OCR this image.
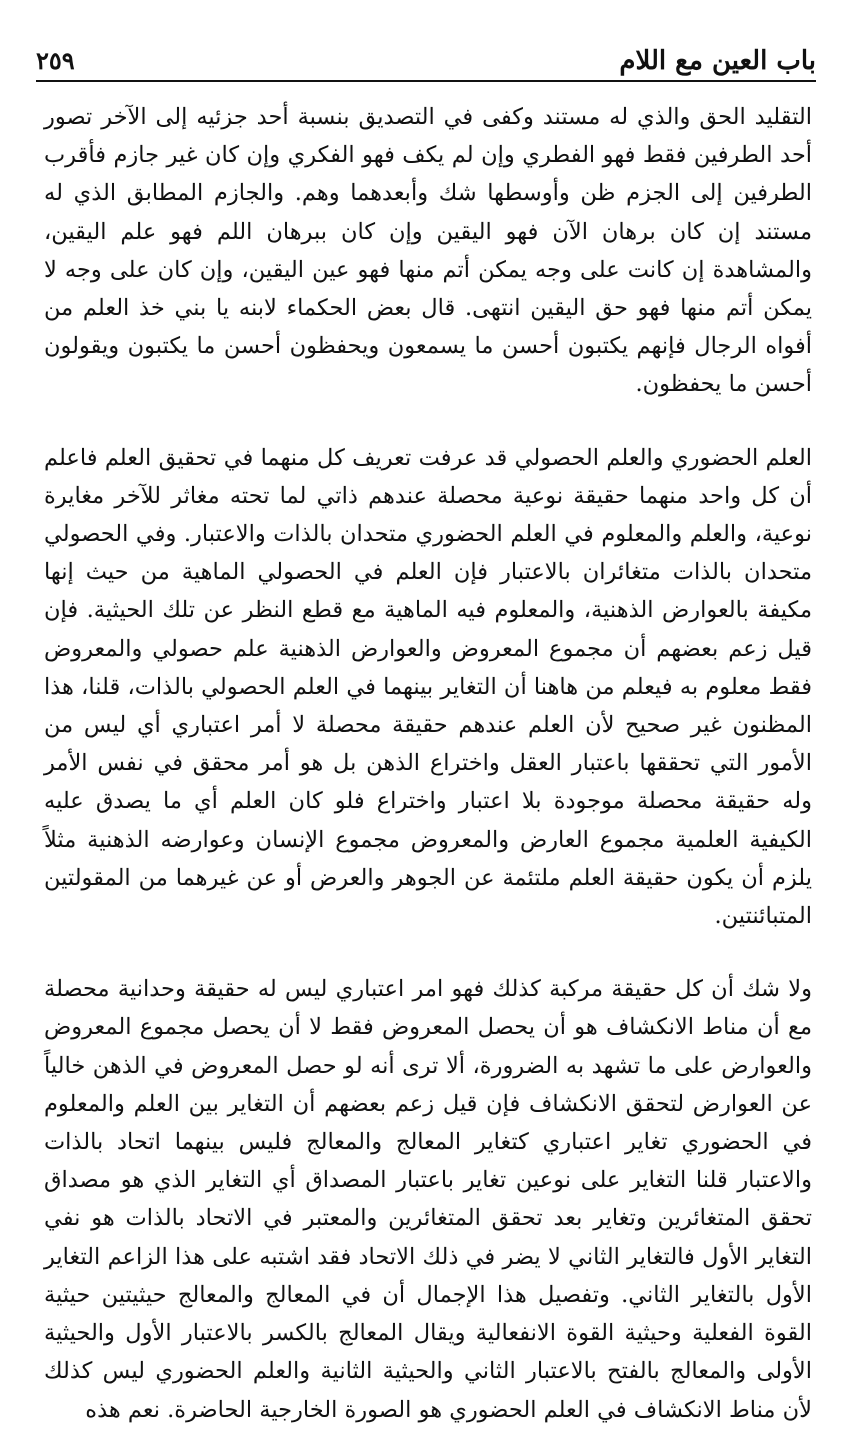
باب العين مع اللام
٢٥٩

التقليد الحق والذي له مستند وكفى في التصديق بنسبة أحد جزئيه إلى الآخر تصور أحد الطرفين فقط فهو الفطري وإن لم يكف فهو الفكري وإن كان غير جازم فأقرب الطرفين إلى الجزم ظن وأوسطها شك وأبعدهما وهم. والجازم المطابق الذي له مستند إن كان برهان الآن فهو اليقين وإن كان ببرهان اللم فهو علم اليقين، والمشاهدة إن كانت على وجه يمكن أتم منها فهو عين اليقين، وإن كان على وجه لا يمكن أتم منها فهو حق اليقين انتهى. قال بعض الحكماء لابنه يا بني خذ العلم من أفواه الرجال فإنهم يكتبون أحسن ما يسمعون ويحفظون أحسن ما يكتبون ويقولون أحسن ما يحفظون.

العلم الحضوري والعلم الحصولي قد عرفت تعريف كل منهما في تحقيق العلم فاعلم أن كل واحد منهما حقيقة نوعية محصلة عندهم ذاتي لما تحته مغاثر للآخر مغايرة نوعية، والعلم والمعلوم في العلم الحضوري متحدان بالذات والاعتبار. وفي الحصولي متحدان بالذات متغائران بالاعتبار فإن العلم في الحصولي الماهية من حيث إنها مكيفة بالعوارض الذهنية، والمعلوم فيه الماهية مع قطع النظر عن تلك الحيثية. فإن قيل زعم بعضهم أن مجموع المعروض والعوارض الذهنية علم حصولي والمعروض فقط معلوم به فيعلم من هاهنا أن التغاير بينهما في العلم الحصولي بالذات، قلنا، هذا المظنون غير صحيح لأن العلم عندهم حقيقة محصلة لا أمر اعتباري أي ليس من الأمور التي تحققها باعتبار العقل واختراع الذهن بل هو أمر محقق في نفس الأمر وله حقيقة محصلة موجودة بلا اعتبار واختراع فلو كان العلم أي ما يصدق عليه الكيفية العلمية مجموع العارض والمعروض مجموع الإنسان وعوارضه الذهنية مثلاً يلزم أن يكون حقيقة العلم ملتئمة عن الجوهر والعرض أو عن غيرهما من المقولتين المتبائنتين.

ولا شك أن كل حقيقة مركبة كذلك فهو امر اعتباري ليس له حقيقة وحدانية محصلة مع أن مناط الانكشاف هو أن يحصل المعروض فقط لا أن يحصل مجموع المعروض والعوارض على ما تشهد به الضرورة، ألا ترى أنه لو حصل المعروض في الذهن خالياً عن العوارض لتحقق الانكشاف فإن قيل زعم بعضهم أن التغاير بين العلم والمعلوم في الحضوري تغاير اعتباري كتغاير المعالج والمعالج فليس بينهما اتحاد بالذات والاعتبار قلنا التغاير على نوعين تغاير باعتبار المصداق أي التغاير الذي هو مصداق تحقق المتغائرين وتغاير بعد تحقق المتغائرين والمعتبر في الاتحاد بالذات هو نفي التغاير الأول فالتغاير الثاني لا يضر في ذلك الاتحاد فقد اشتبه على هذا الزاعم التغاير الأول بالتغاير الثاني. وتفصيل هذا الإجمال أن في المعالج والمعالج حيثيتين حيثية القوة الفعلية وحيثية القوة الانفعالية ويقال المعالج بالكسر بالاعتبار الأول والحيثية الأولى والمعالج بالفتح بالاعتبار الثاني والحيثية الثانية والعلم الحضوري ليس كذلك لأن مناط الانكشاف في العلم الحضوري هو الصورة الخارجية الحاضرة. نعم هذه
